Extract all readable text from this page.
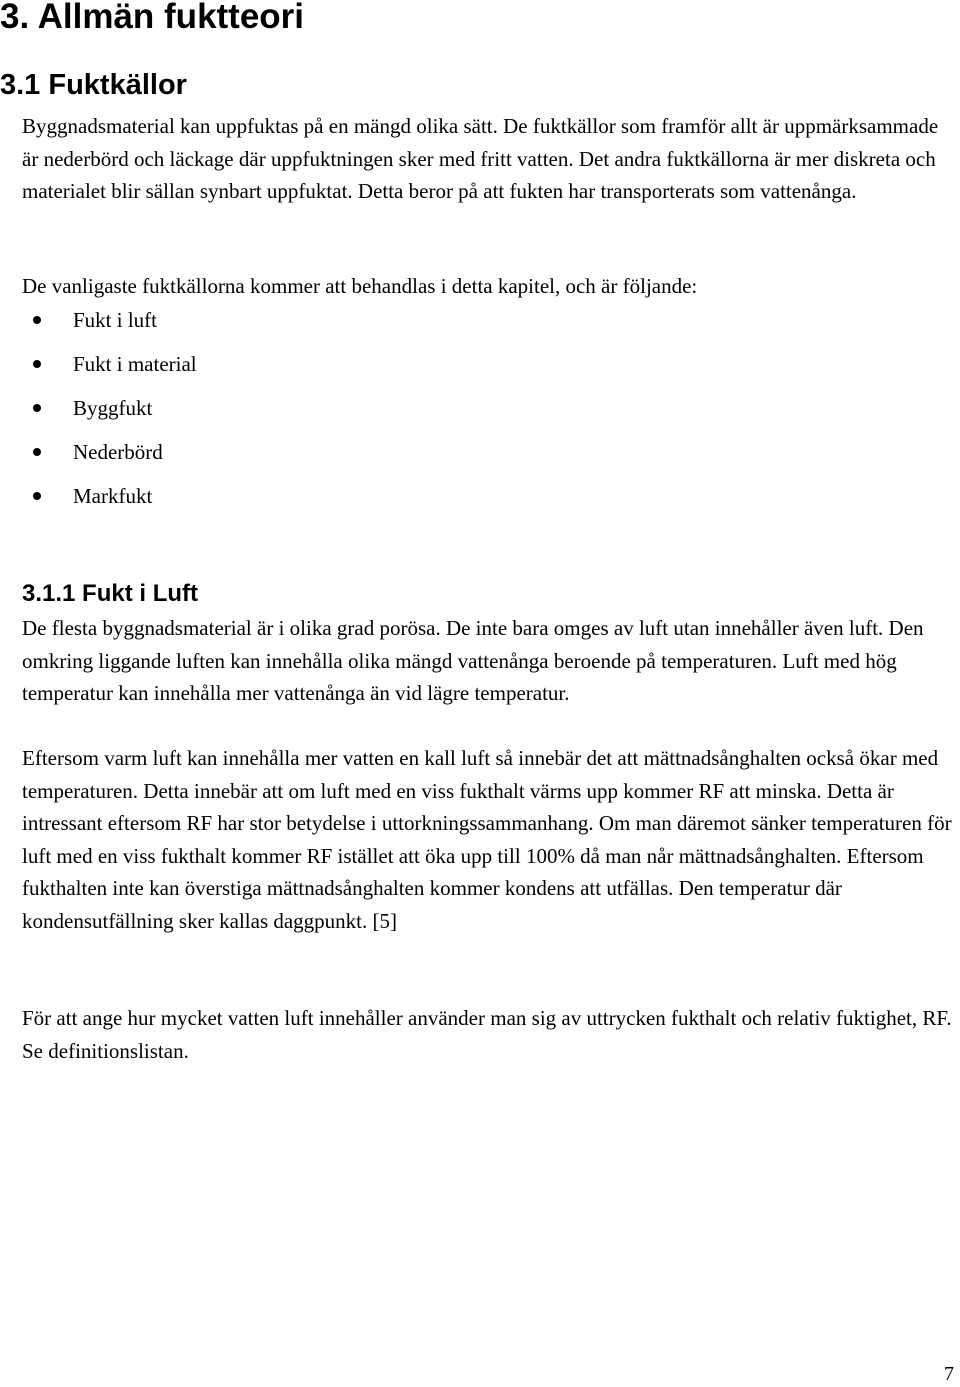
3. Allmän fuktteori
3.1 Fuktkällor

Byggnadsmaterial kan uppfuktas på en mängd olika sätt. De fuktkällor som framför allt är uppmärksammade är nederbörd och läckage där uppfuktningen sker med fritt vatten. Det andra fuktkällorna är mer diskreta och materialet blir sällan synbart uppfuktat. Detta beror på att fukten har transporterats som vattenånga.

De vanligaste fuktkällorna kommer att behandlas i detta kapitel, och är följande:

Fukt i luft
Fukt i material
Byggfukt
Nederbörd
Markfukt
3.1.1 Fukt i Luft

De flesta byggnadsmaterial är i olika grad porösa. De inte bara omges av luft utan innehåller även luft. Den omkring liggande luften kan innehålla olika mängd vattenånga beroende på temperaturen. Luft med hög temperatur kan innehålla mer vattenånga än vid lägre temperatur.

Eftersom varm luft kan innehålla mer vatten en kall luft så innebär det att mättnadsånghalten också ökar med temperaturen. Detta innebär att om luft med en viss fukthalt värms upp kommer RF att minska. Detta är intressant eftersom RF har stor betydelse i uttorkningssammanhang. Om man däremot sänker temperaturen för luft med en viss fukthalt kommer RF istället att öka upp till 100% då man når mättnadsånghalten. Eftersom fukthalten inte kan överstiga mättnadsånghalten kommer kondens att utfällas. Den temperatur där kondensutfällning sker kallas daggpunkt. [5]

För att ange hur mycket vatten luft innehåller använder man sig av uttrycken fukthalt och relativ fuktighet, RF. Se definitionslistan.

7
